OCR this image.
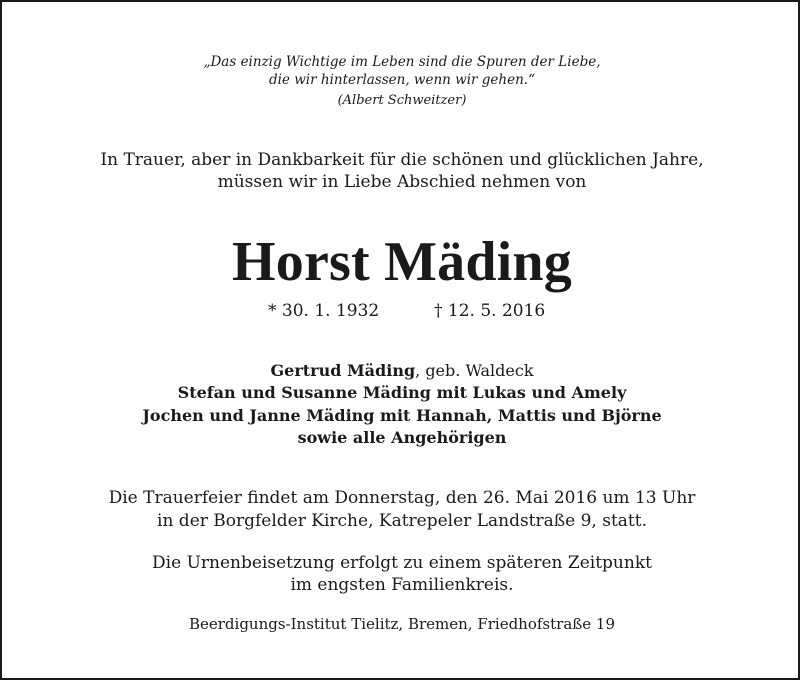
„Das einzig Wichtige im Leben sind die Spuren der Liebe,
die wir hinterlassen, wenn wir gehen.“
(Albert Schweitzer)
In Trauer, aber in Dankbarkeit für die schönen und glücklichen Jahre,
müssen wir in Liebe Abschied nehmen von
Horst Mäding
* 30. 1. 1932	† 12. 5. 2016
Gertrud Mäding, geb. Waldeck
Stefan und Susanne Mäding mit Lukas und Amely
Jochen und Janne Mäding mit Hannah, Mattis und Björne
sowie alle Angehörigen
Die Trauerfeier findet am Donnerstag, den 26. Mai 2016 um 13 Uhr
in der Borgfelder Kirche, Katrepeler Landstraße 9, statt.
Die Urnenbeisetzung erfolgt zu einem späteren Zeitpunkt
im engsten Familienkreis.
Beerdigungs-Institut Tielitz, Bremen, Friedhofstraße 19
